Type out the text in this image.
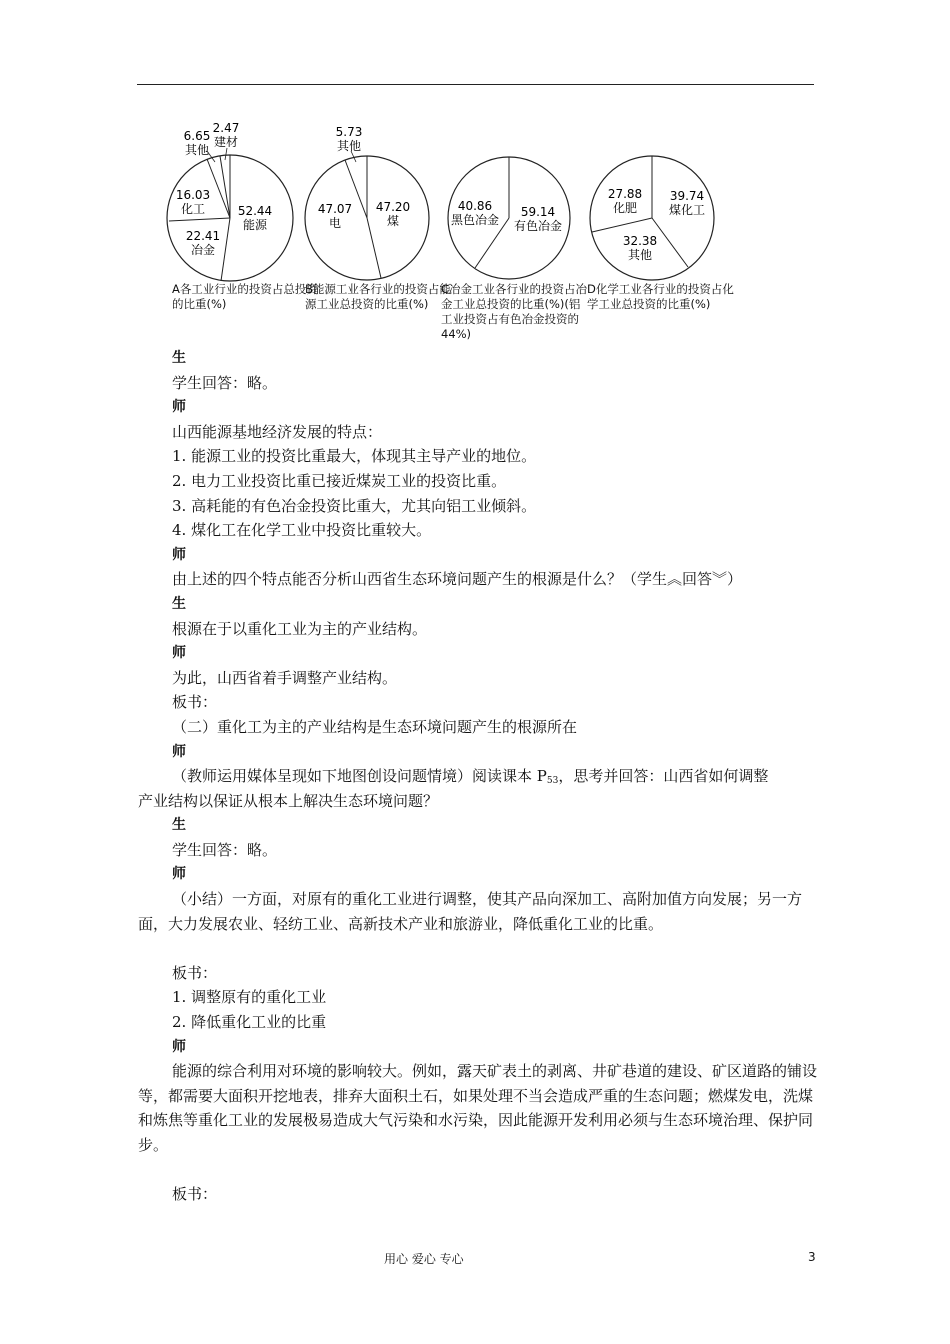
52.44
能源
22.41
冶金
16.03
化工
6.65
其他
2.47
建材
5.73
其他
47.20
煤
47.07
电
40.86
黑色冶金
59.14
有色冶金
27.88
化肥
39.74
煤化工
32.38
其他
A各工业行业的投资占总投资的比重(%)
B能源工业各行业的投资占能源工业总投资的比重(%)
C冶金工业各行业的投资占冶金工业总投资的比重(%)(铝工业投资占有色冶金投资的44%)
D化学工业各行业的投资占化学工业总投资的比重(%)
生
学生回答：略。
师
山西能源基地经济发展的特点：
1. 能源工业的投资比重最大，体现其主导产业的地位。
2. 电力工业投资比重已接近煤炭工业的投资比重。
3. 高耗能的有色冶金投资比重大，尤其向铝工业倾斜。
4. 煤化工在化学工业中投资比重较大。
师
由上述的四个特点能否分析山西省生态环境问题产生的根源是什么？（学生︽回答︾）
生
根源在于以重化工业为主的产业结构。
师
为此，山西省着手调整产业结构。
板书：
（二）重化工为主的产业结构是生态环境问题产生的根源所在
师
（教师运用媒体呈现如下地图创设问题情境）阅读课本 $P_{53}$，思考并回答：山西省如何调整
产业结构以保证从根本上解决生态环境问题？
生
学生回答：略。
师
（小结）一方面，对原有的重化工业进行调整，使其产品向深加工、高附加值方向发展；另一方面，大力发展农业、轻纺工业、高新技术产业和旅游业，降低重化工业的比重。
板书：
1. 调整原有的重化工业
2. 降低重化工业的比重
师
能源的综合利用对环境的影响较大。例如，露天矿表土的剥离、井矿巷道的建设、矿区道路的铺设等，都需要大面积开挖地表，排弃大面积土石，如果处理不当会造成严重的生态问题；燃煤发电，洗煤和炼焦等重化工业的发展极易造成大气污染和水污染，因此能源开发利用必须与生态环境治理、保护同步。
板书：
用心 爱心 专心	3
